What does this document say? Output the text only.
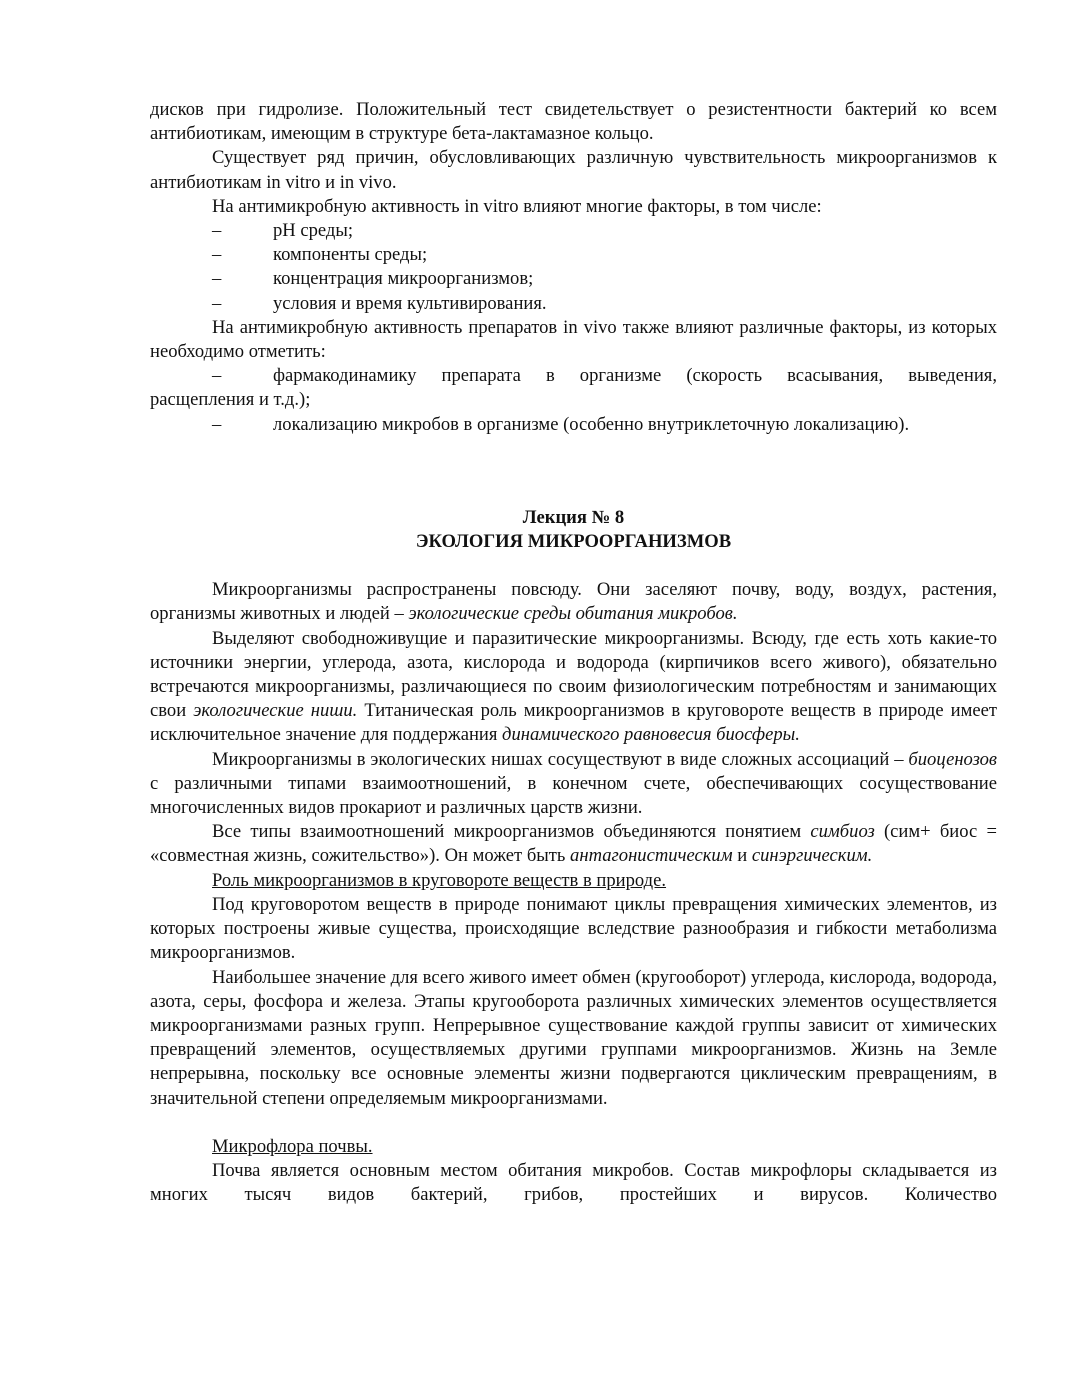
дисков при гидролизе. Положительный тест свидетельствует о резистентности бактерий ко всем антибиотикам, имеющим в структуре бета-лактамазное кольцо.

Существует ряд причин, обусловливающих различную чувствительность микроорганизмов к антибиотикам in vitro и in vivo.

На антимикробную активность in vitro влияют многие факторы, в том числе:

–	рН среды;
–	компоненты среды;
–	концентрация микроорганизмов;
–	условия и время культивирования.

На антимикробную активность препаратов in vivo также влияют различные факторы, из которых необходимо отметить:

–	фармакодинамику препарата в организме (скорость всасывания, выведения,

расщепления и т.д.);

–	локализацию микробов в организме (особенно внутриклеточную локализацию).
Лекция № 8
ЭКОЛОГИЯ МИКРООРГАНИЗМОВ

Микроорганизмы распространены повсюду. Они заселяют почву, воду, воздух, растения, организмы животных и людей – экологические среды обитания микробов.

Выделяют свободноживущие и паразитические микроорганизмы. Всюду, где есть хоть какие-то источники энергии, углерода, азота, кислорода и водорода (кирпичиков всего живого), обязательно встречаются микроорганизмы, различающиеся по своим физиологическим потребностям и занимающих свои экологические ниши. Титаническая роль микроорганизмов в круговороте веществ в природе имеет исключительное значение для поддержания динамического равновесия биосферы.

Микроорганизмы в экологических нишах сосуществуют в виде сложных ассоциаций – биоценозов с различными типами взаимоотношений, в конечном счете, обеспечивающих сосуществование многочисленных видов прокариот и различных царств жизни.

Все типы взаимоотношений микроорганизмов объединяются понятием симбиоз (сим+ биос = «совместная жизнь, сожительство»). Он может быть антагонистическим и синэргическим.

Роль микроорганизмов в круговороте веществ в природе.

Под круговоротом веществ в природе понимают циклы превращения химических элементов, из которых построены живые существа, происходящие вследствие разнообразия и гибкости метаболизма микроорганизмов.

Наибольшее значение для всего живого имеет обмен (кругооборот) углерода, кислорода, водорода, азота, серы, фосфора и железа. Этапы кругооборота различных химических элементов осуществляется микроорганизмами разных групп. Непрерывное существование каждой группы зависит от химических превращений элементов, осуществляемых другими группами микроорганизмов. Жизнь на Земле непрерывна, поскольку все основные элементы жизни подвергаются циклическим превращениям, в значительной степени определяемым микроорганизмами.

Микрофлора почвы.

Почва является основным местом обитания микробов. Состав микрофлоры складывается из многих тысяч видов бактерий, грибов, простейших и вирусов. Количество
